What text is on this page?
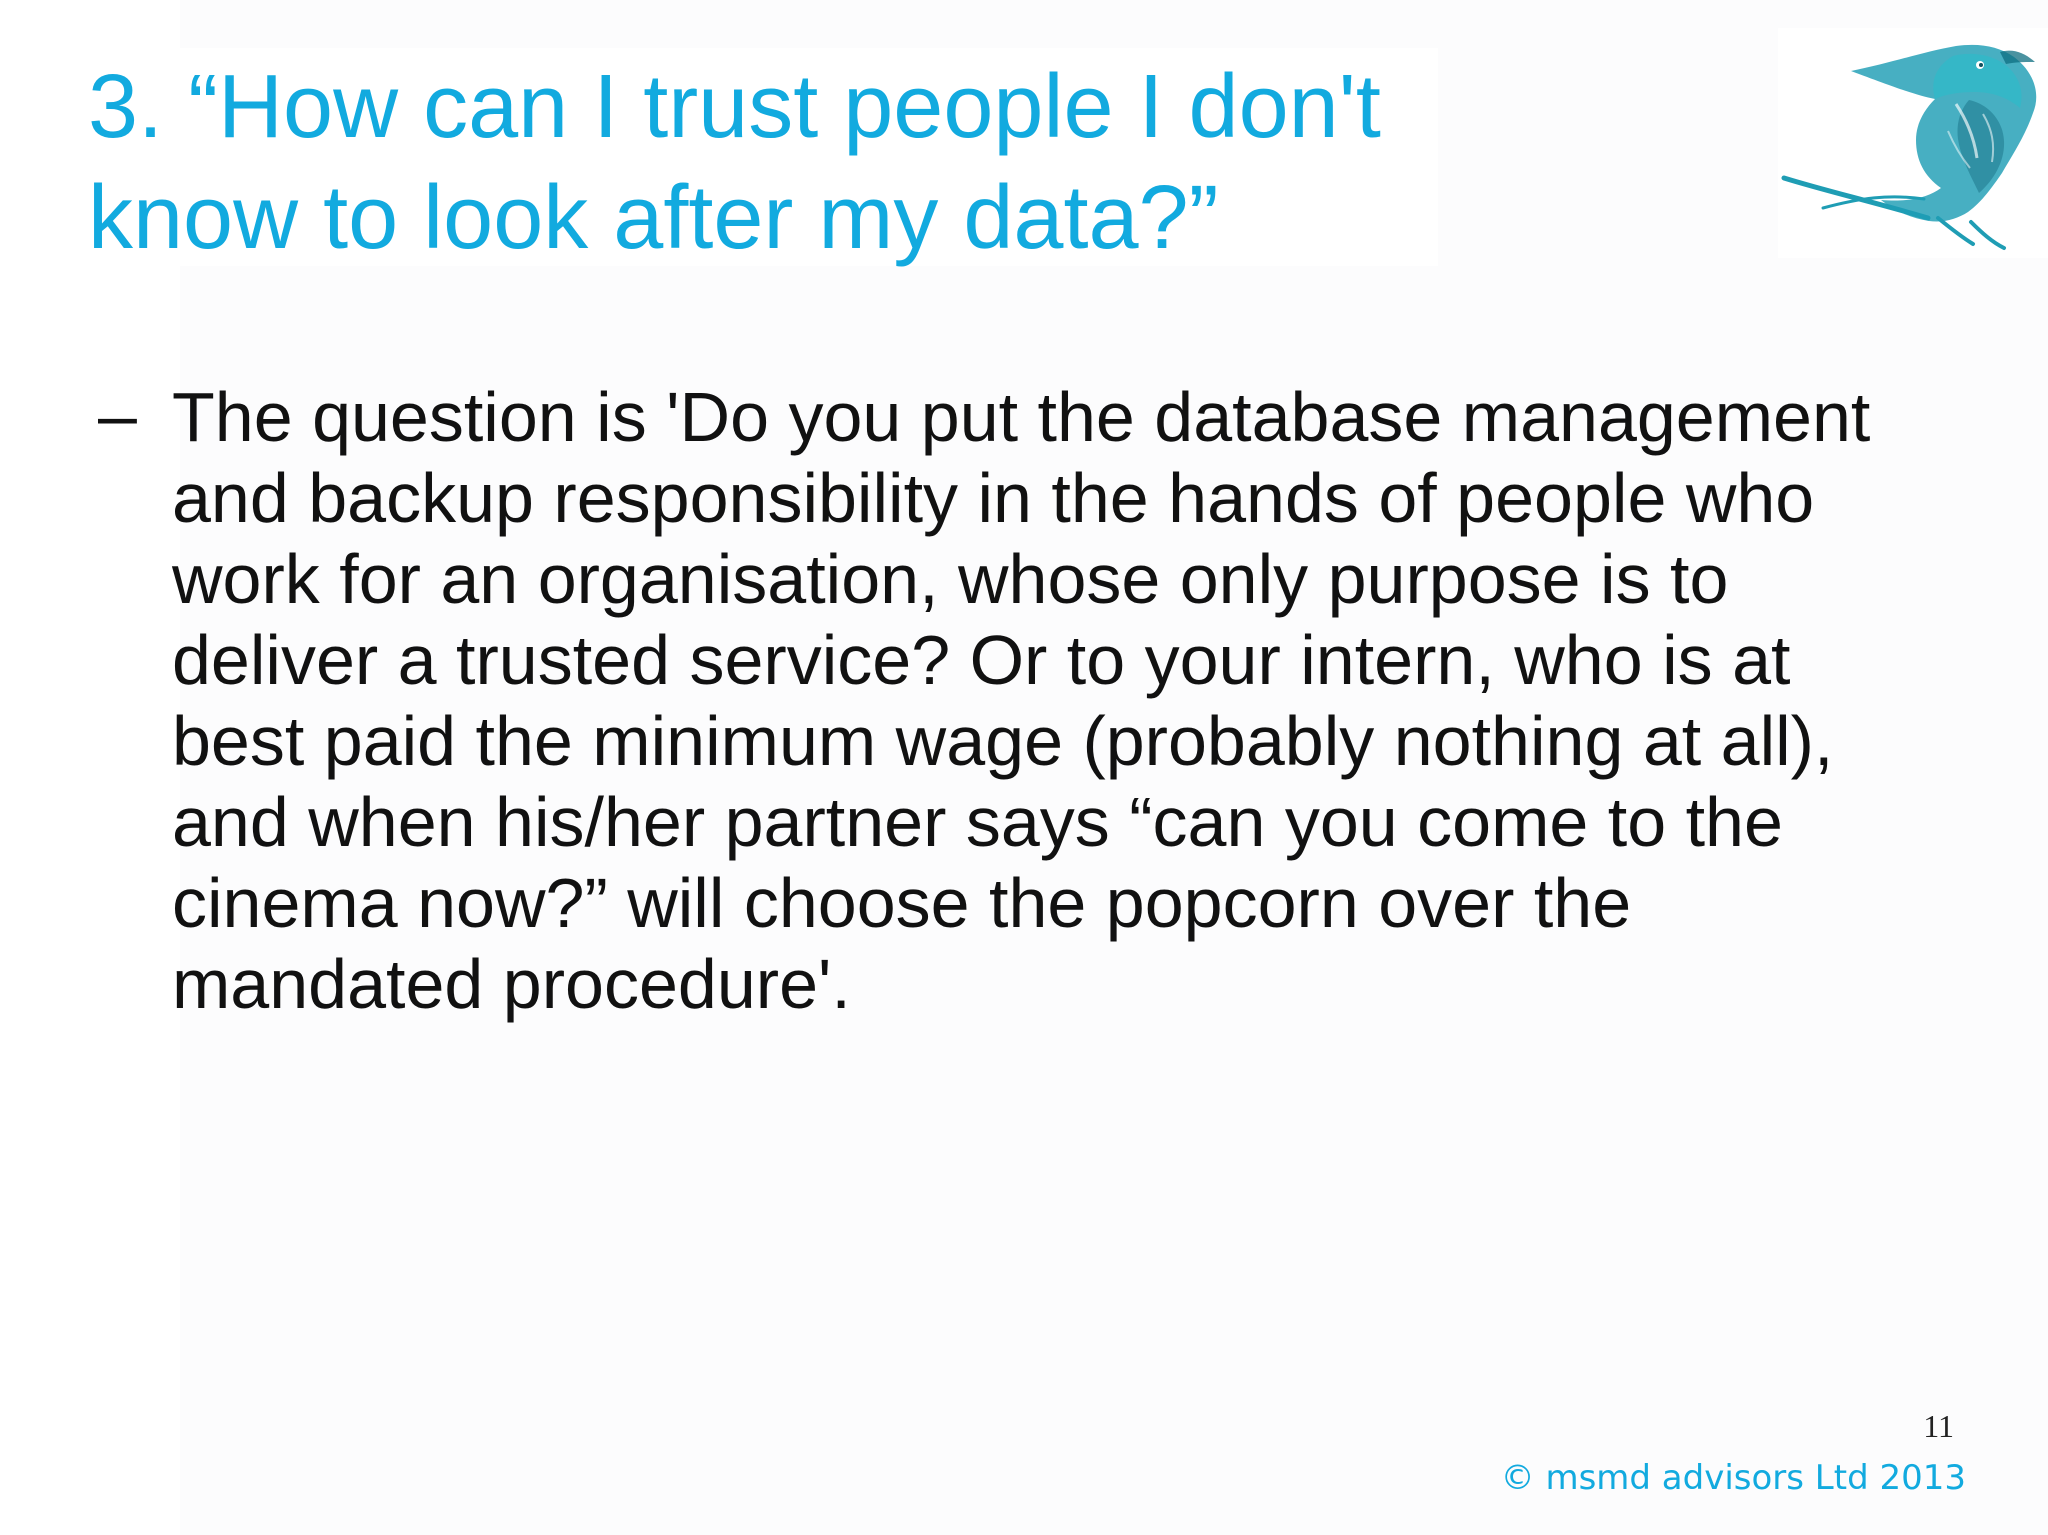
3. “How can I trust people I don't
know to look after my data?”
– The question is 'Do you put the database management
and backup responsibility in the hands of people who
work for an organisation, whose only purpose is to
deliver a trusted service? Or to your intern, who is at
best paid the minimum wage (probably nothing at all),
and when his/her partner says “can you come to the
cinema now?” will choose the popcorn over the
mandated procedure'.

11
© msmd advisors Ltd 2013
